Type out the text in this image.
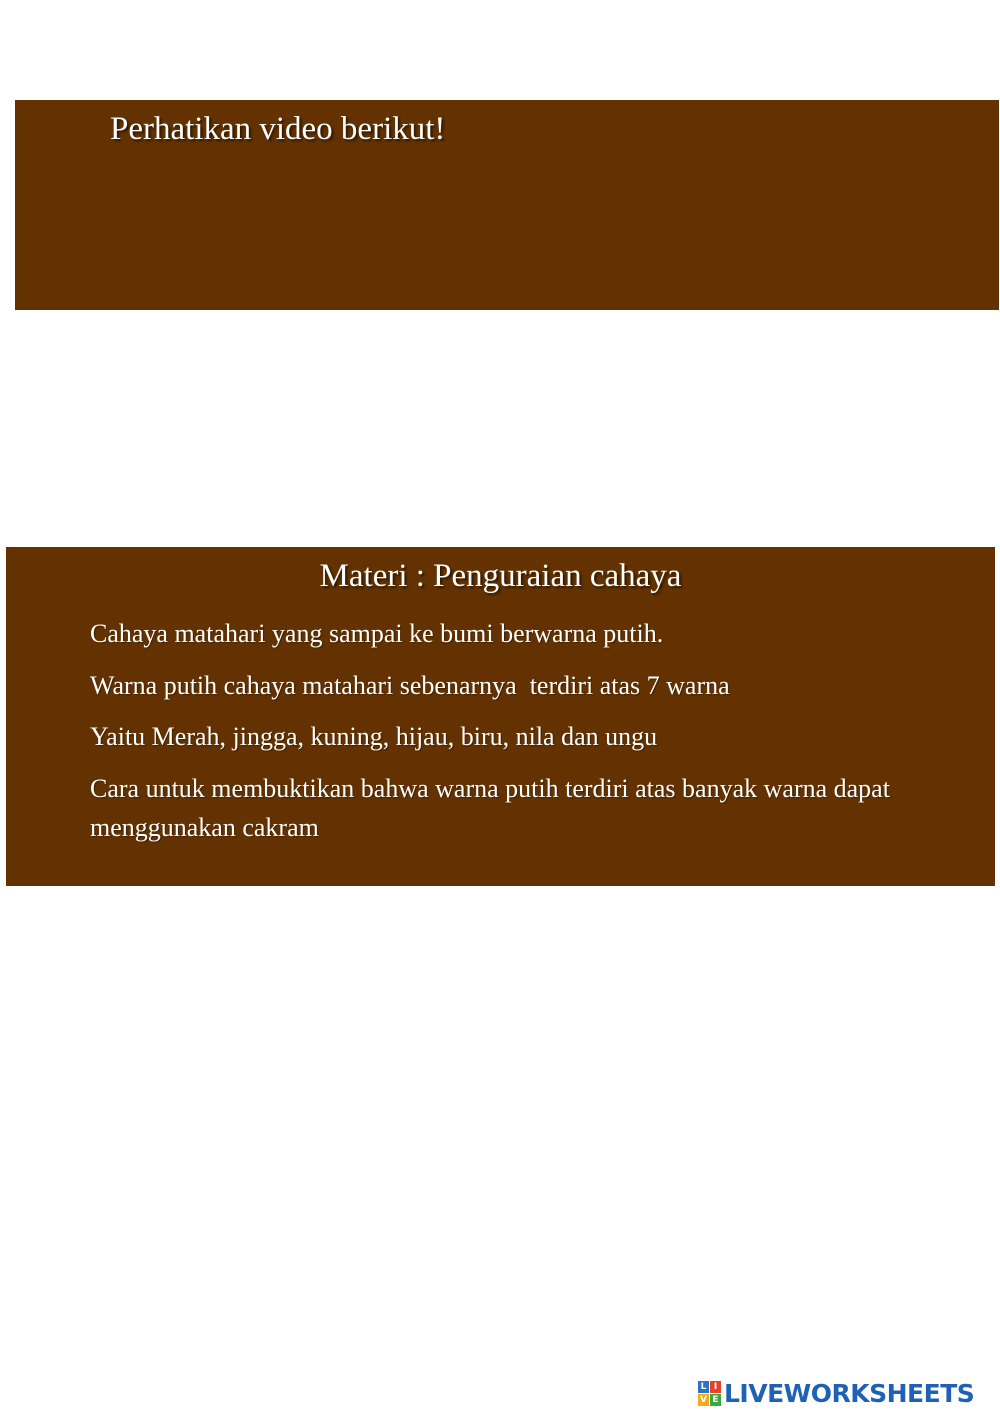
Perhatikan video berikut!
Materi : Penguraian cahaya
Cahaya matahari yang sampai ke bumi berwarna putih.
Warna putih cahaya matahari sebenarnya  terdiri atas 7 warna
Yaitu Merah, jingga, kuning, hijau, biru, nila dan ungu
Cara untuk membuktikan bahwa warna putih terdiri atas banyak warna dapat menggunakan cakram
L I
V E LIVEWORKSHEETS
